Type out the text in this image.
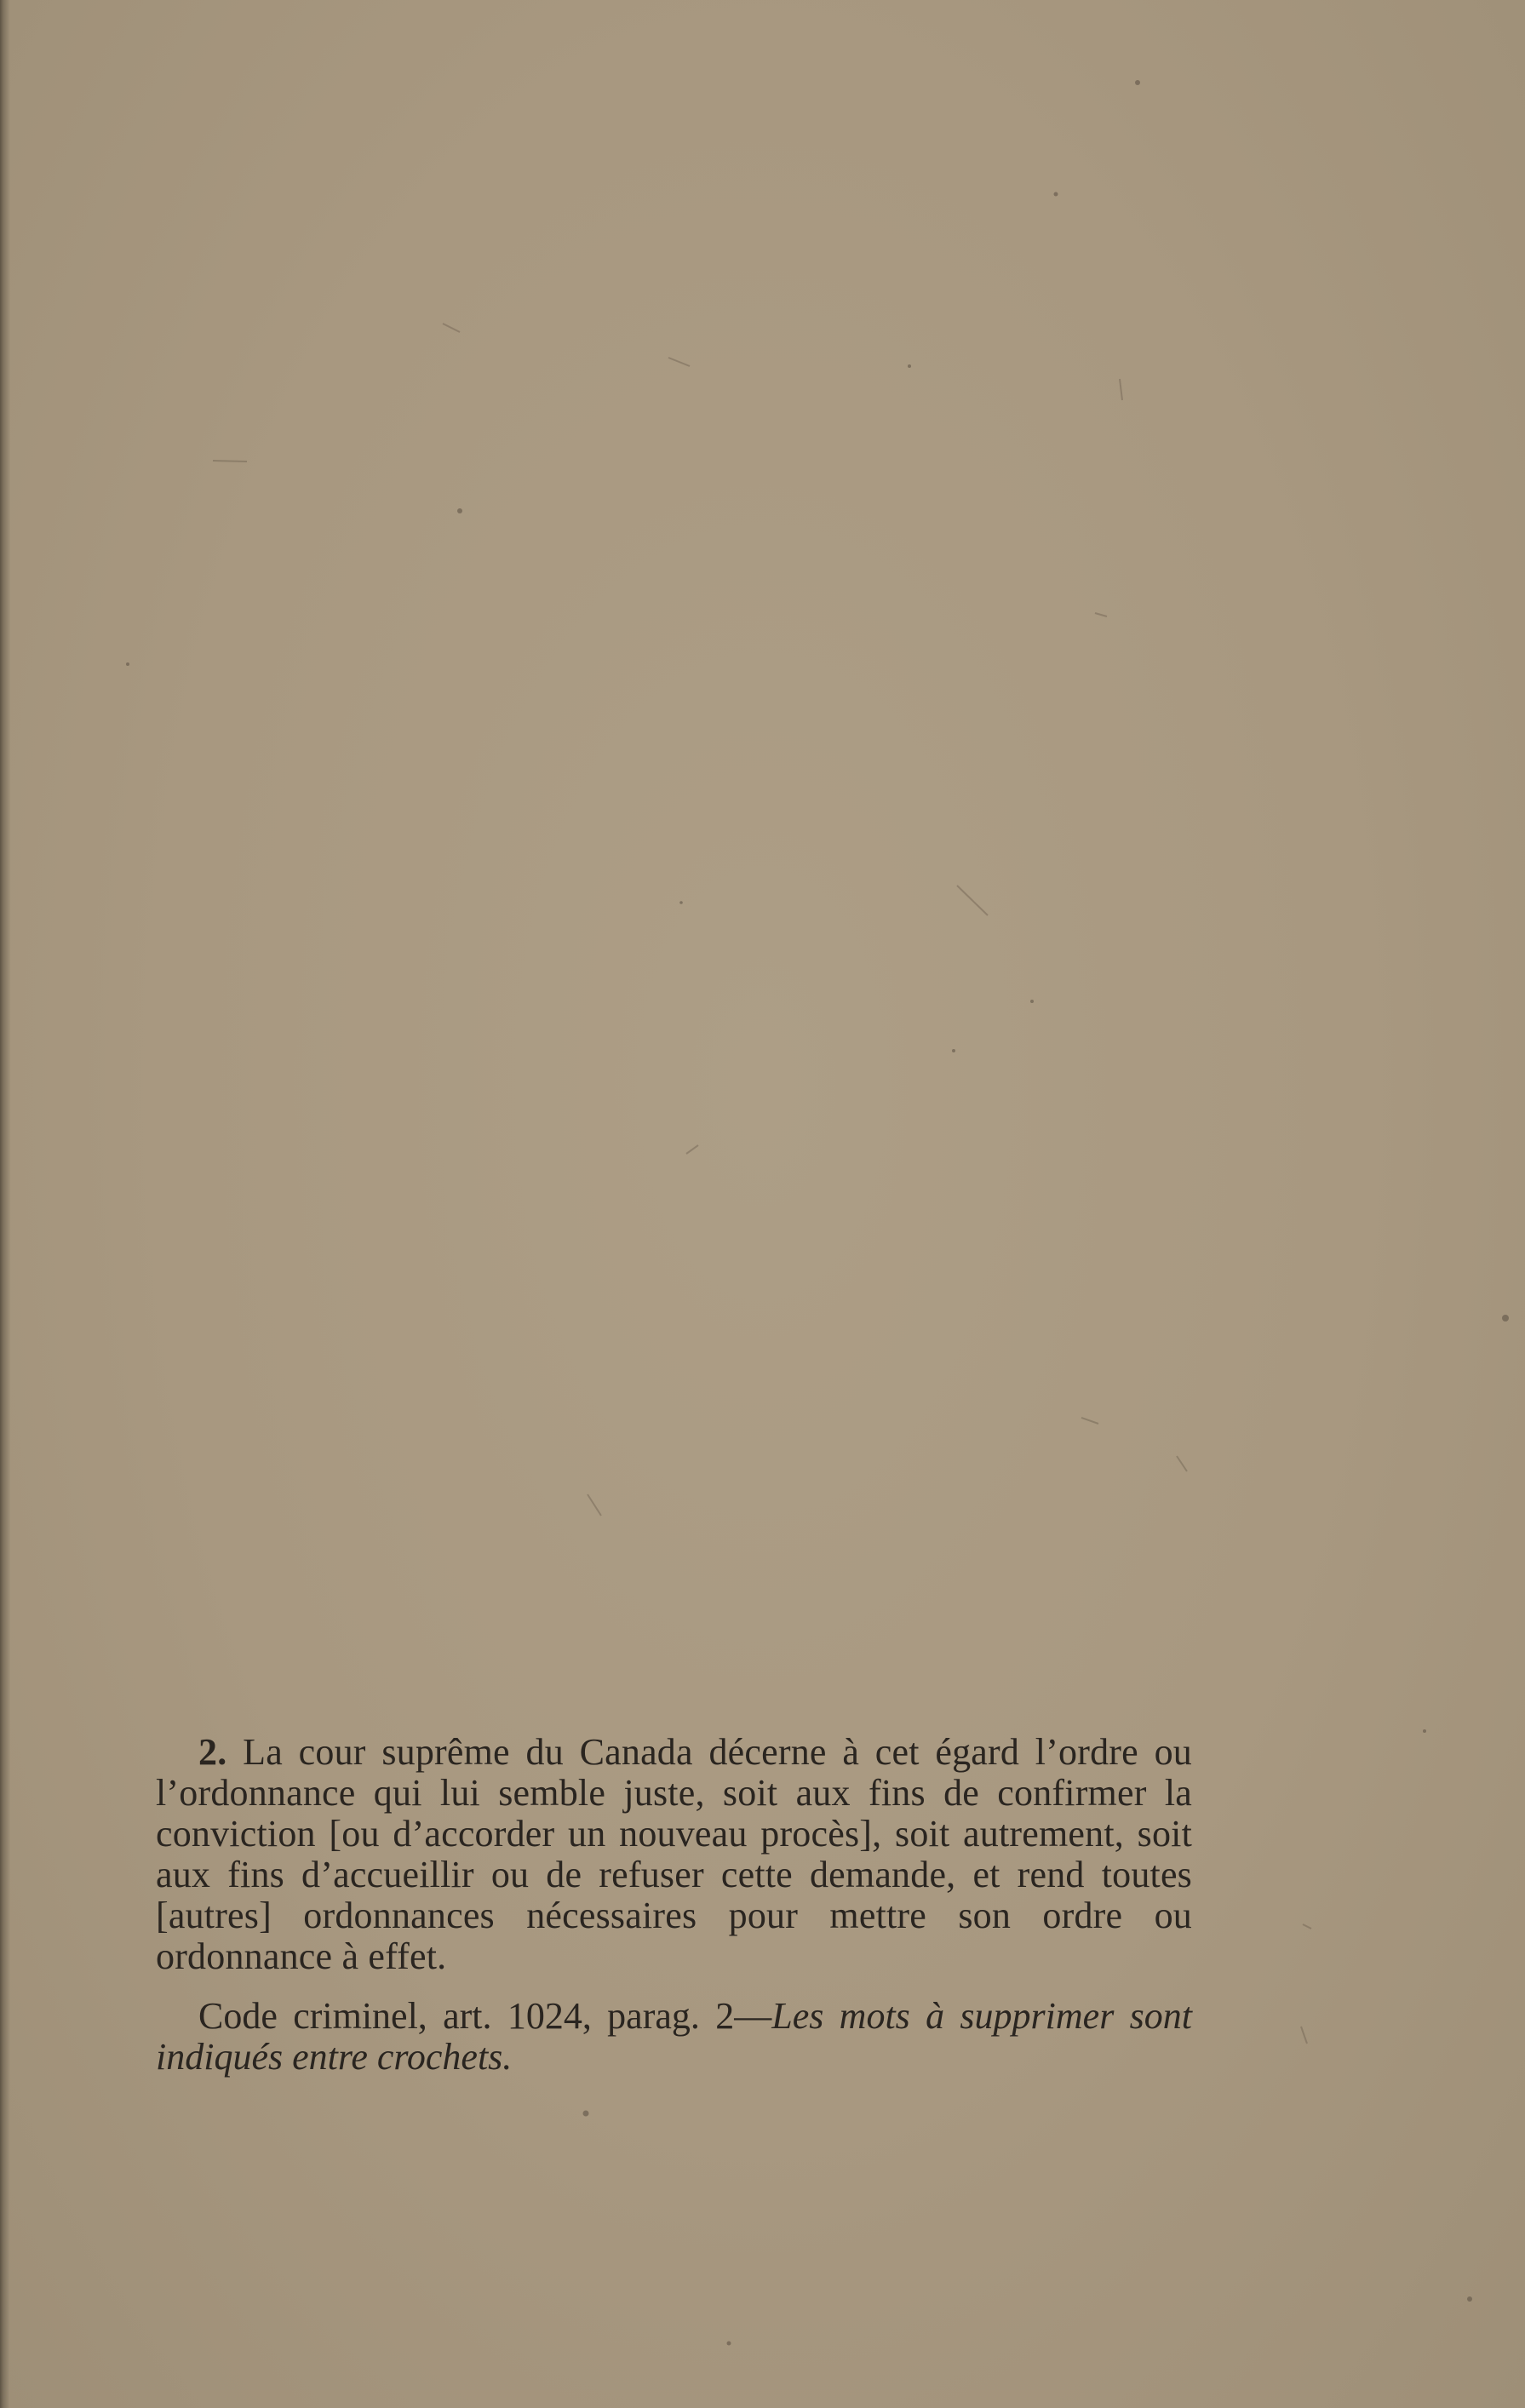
2. La cour suprême du Canada décerne à cet égard l’ordre ou l’ordonnance qui lui semble juste, soit aux fins de confirmer la conviction [ou d’accorder un nouveau procès], soit autrement, soit aux fins d’accueillir ou de refuser cette demande, et rend toutes [autres] ordonnances nécessaires pour mettre son ordre ou ordonnance à effet.

Code criminel, art. 1024, parag. 2—Les mots à supprimer sont indiqués entre crochets.
